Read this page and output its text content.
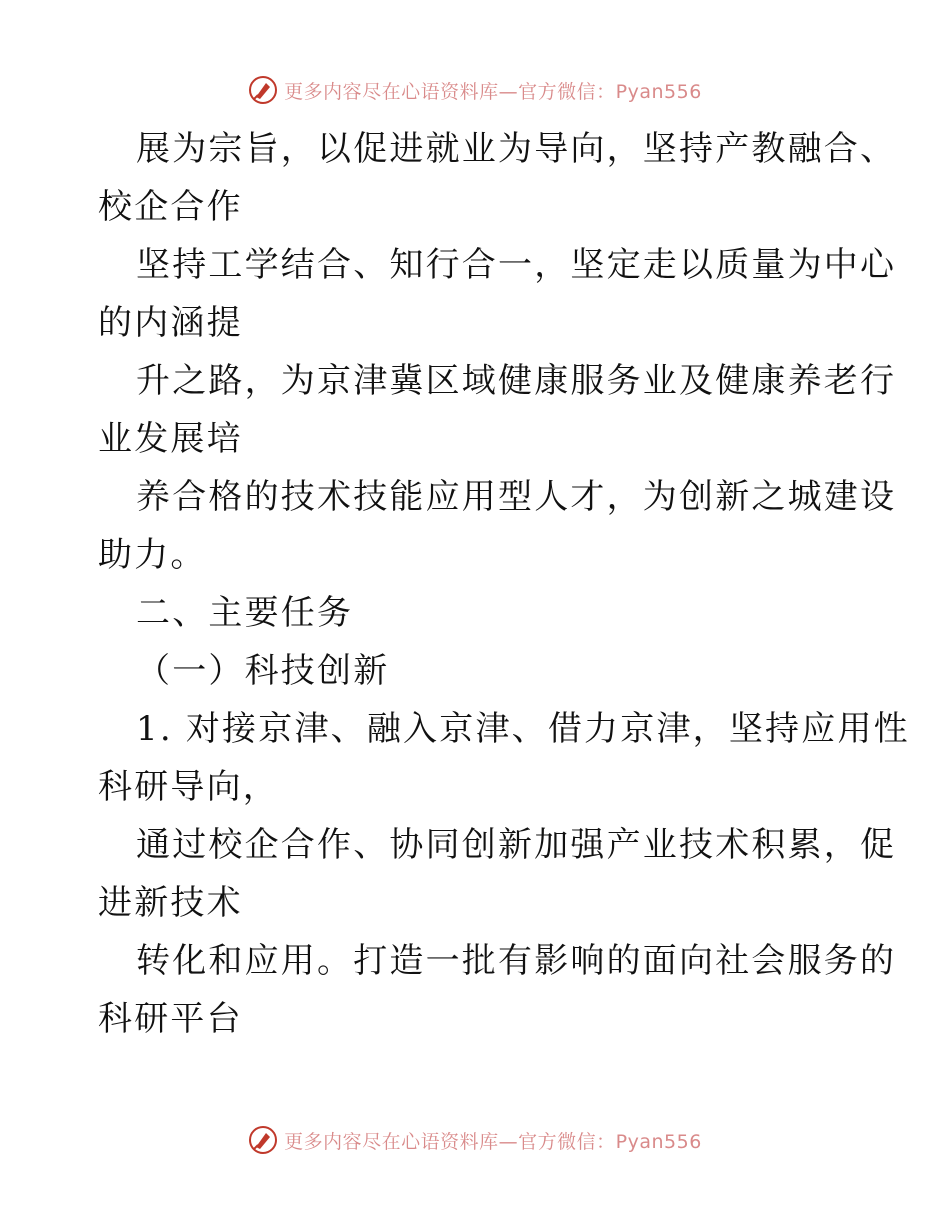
更多内容尽在心语资料库—官方微信：Pyan556
展为宗旨，以促进就业为导向，坚持产教融合、
校企合作
坚持工学结合、知行合一，坚定走以质量为中心
的内涵提
升之路，为京津冀区域健康服务业及健康养老行
业发展培
养合格的技术技能应用型人才，为创新之城建设
助力。
二、主要任务
（一）科技创新
1. 对接京津、融入京津、借力京津，坚持应用性
科研导向，
通过校企合作、协同创新加强产业技术积累，促
进新技术
转化和应用。打造一批有影响的面向社会服务的
科研平台
更多内容尽在心语资料库—官方微信：Pyan556
